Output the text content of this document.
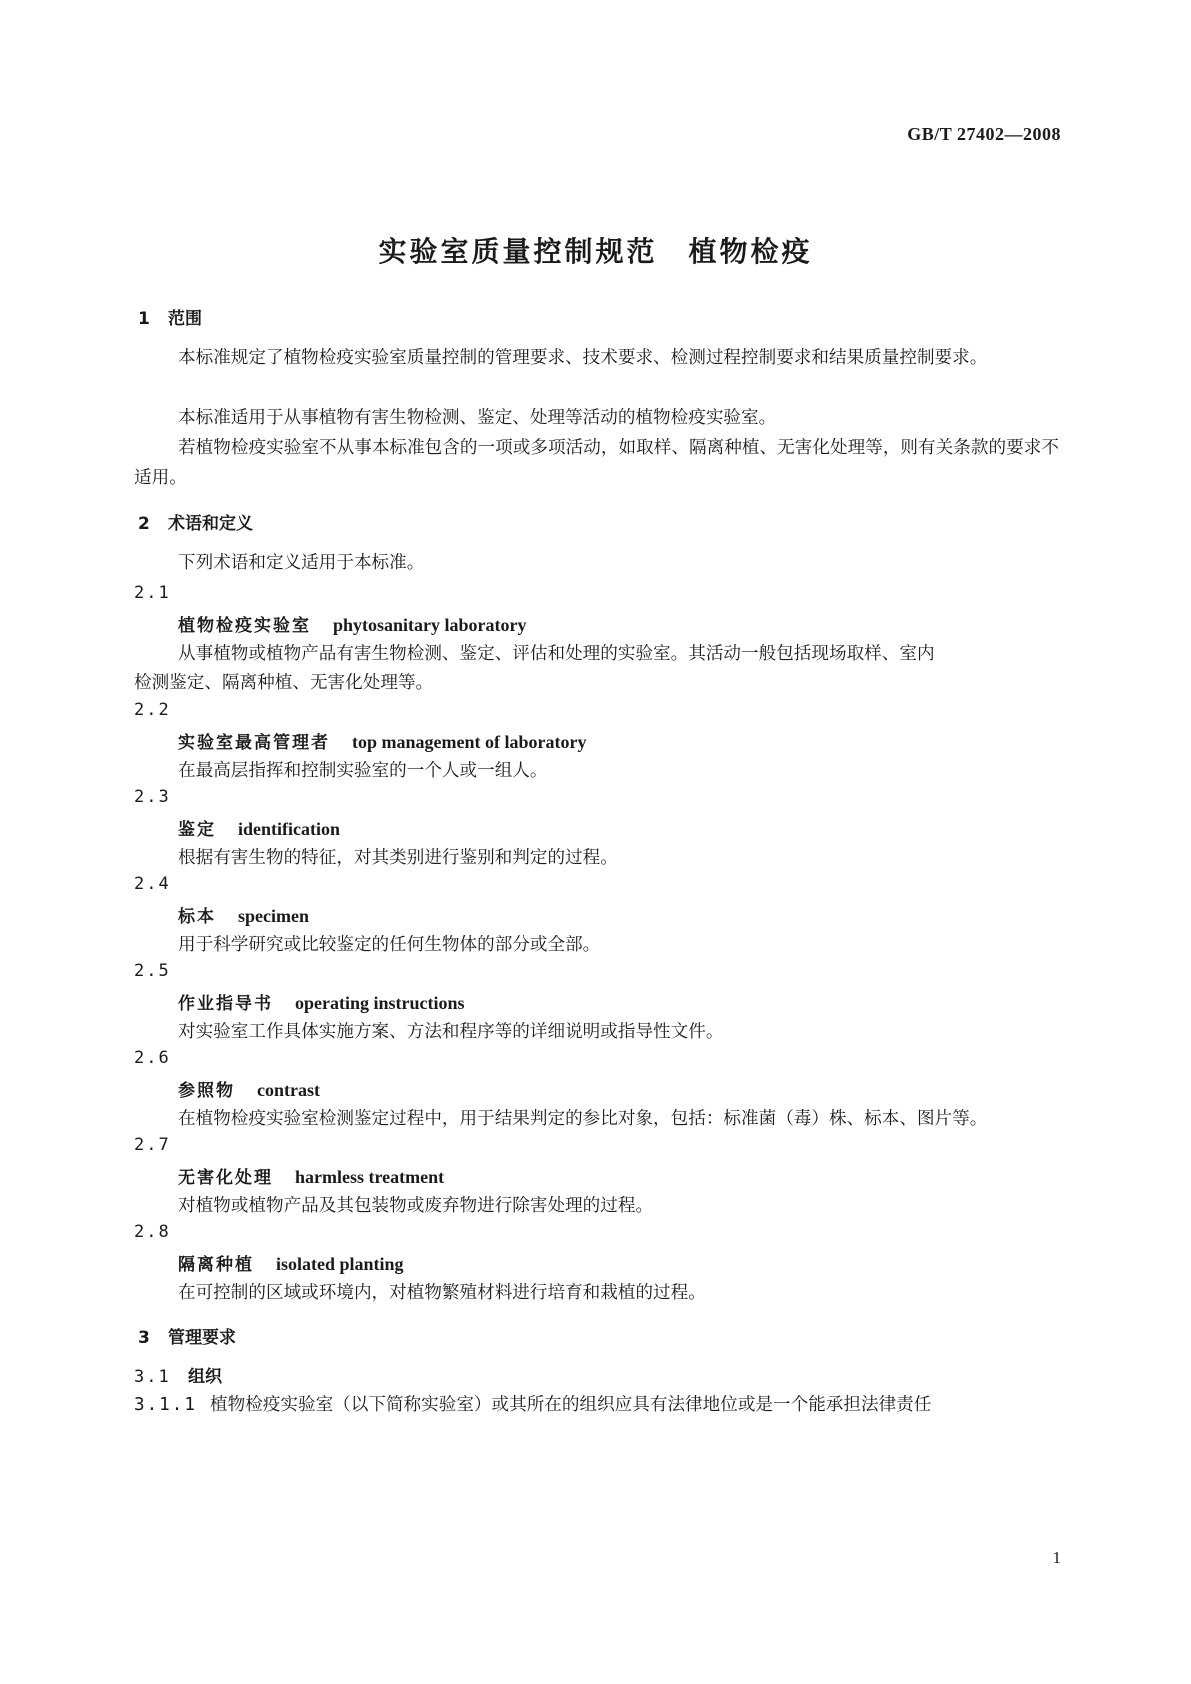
GB/T 27402—2008
实验室质量控制规范　植物检疫
1 范围
本标准规定了植物检疫实验室质量控制的管理要求、技术要求、检测过程控制要求和结果质量控制要求。
本标准适用于从事植物有害生物检测、鉴定、处理等活动的植物检疫实验室。
若植物检疫实验室不从事本标准包含的一项或多项活动，如取样、隔离种植、无害化处理等，则有关条款的要求不适用。
2 术语和定义
下列术语和定义适用于本标准。
2.1
植物检疫实验室 phytosanitary laboratory
从事植物或植物产品有害生物检测、鉴定、评估和处理的实验室。其活动一般包括现场取样、室内
检测鉴定、隔离种植、无害化处理等。
2.2
实验室最高管理者 top management of laboratory
在最高层指挥和控制实验室的一个人或一组人。
2.3
鉴定 identification
根据有害生物的特征，对其类别进行鉴别和判定的过程。
2.4
标本 specimen
用于科学研究或比较鉴定的任何生物体的部分或全部。
2.5
作业指导书 operating instructions
对实验室工作具体实施方案、方法和程序等的详细说明或指导性文件。
2.6
参照物 contrast
在植物检疫实验室检测鉴定过程中，用于结果判定的参比对象，包括：标准菌（毒）株、标本、图片等。
2.7
无害化处理 harmless treatment
对植物或植物产品及其包装物或废弃物进行除害处理的过程。
2.8
隔离种植 isolated planting
在可控制的区域或环境内，对植物繁殖材料进行培育和栽植的过程。
3 管理要求
3.1 组织
3.1.1 植物检疫实验室（以下简称实验室）或其所在的组织应具有法律地位或是一个能承担法律责任
1
